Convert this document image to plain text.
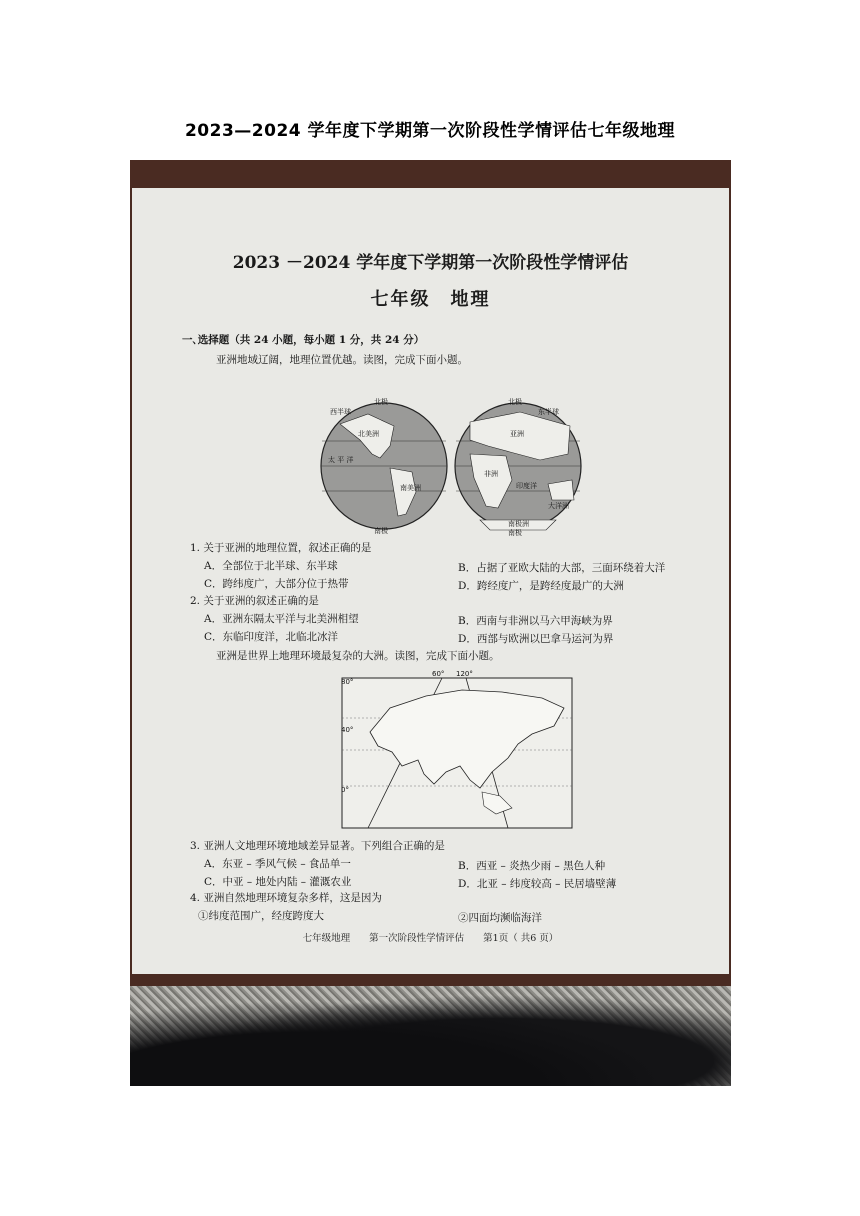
2023—2024 学年度下学期第一次阶段性学情评估七年级地理
2023 －2024 学年度下学期第一次阶段性学情评估
七年级　地理
一､选择题（共 24 小题，每小题 1 分，共 24 分）
亚洲地域辽阔，地理位置优越。读图，完成下面小题。
北极	北极
西半球	东半球
北美洲
太 平 洋
南美洲
南极
亚洲
非洲
印度洋
大洋洲
南极洲
南极
1. 关于亚洲的地理位置，叙述正确的是
A．全部位于北半球、东半球	B．占据了亚欧大陆的大部，三面环绕着大洋
C．跨纬度广，大部分位于热带	D．跨经度广，是跨经度最广的大洲
2. 关于亚洲的叙述正确的是
A．亚洲东隔太平洋与北美洲相望	B．西南与非洲以马六甲海峡为界
C．东临印度洋，北临北冰洋	D．西部与欧洲以巴拿马运河为界
亚洲是世界上地理环境最复杂的大洲。读图，完成下面小题。
60° 120°
80°
40°
0°
3. 亚洲人文地理环境地域差异显著。下列组合正确的是
A．东亚 – 季风气候 – 食品单一	B．西亚 – 炎热少雨 – 黑色人种
C．中亚 – 地处内陆 – 灌溉农业	D．北亚 – 纬度较高 – 民居墙壁薄
4. 亚洲自然地理环境复杂多样，这是因为
①纬度范围广，经度跨度大	②四面均濒临海洋
七年级地理　　第一次阶段性学情评估　　第1页（ 共6 页）
